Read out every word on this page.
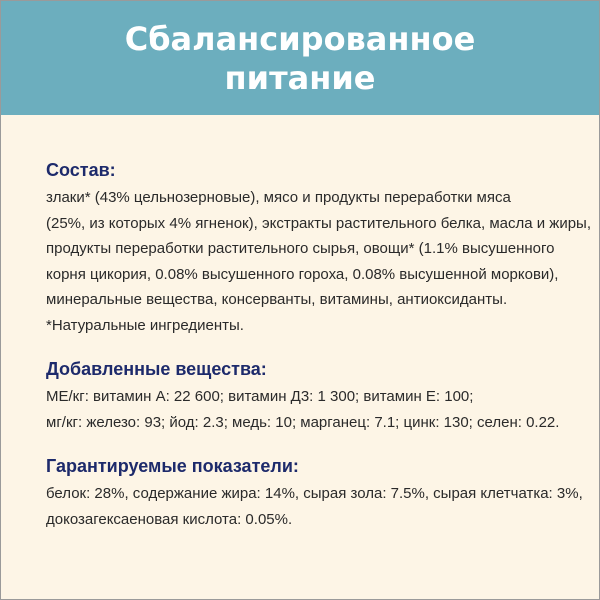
Сбалансированное
питание
Состав:

злаки* (43% цельнозерновые), мясо и продукты переработки мяса

(25%, из которых 4% ягненок), экстракты растительного белка, масла и жиры,

продукты переработки растительного сырья, овощи* (1.1% высушенного

корня цикория, 0.08% высушенного гороха, 0.08% высушенной моркови),

минеральные вещества, консерванты, витамины, антиоксиданты.

*Натуральные ингредиенты.

Добавленные вещества:

МЕ/кг: витамин А: 22 600; витамин Д3: 1 300; витамин Е: 100;

мг/кг: железо: 93; йод: 2.3; медь: 10; марганец: 7.1; цинк: 130; селен: 0.22.

Гарантируемые показатели:

белок: 28%, содержание жира: 14%, сырая зола: 7.5%, сырая клетчатка: 3%,

докозагексаеновая кислота: 0.05%.
